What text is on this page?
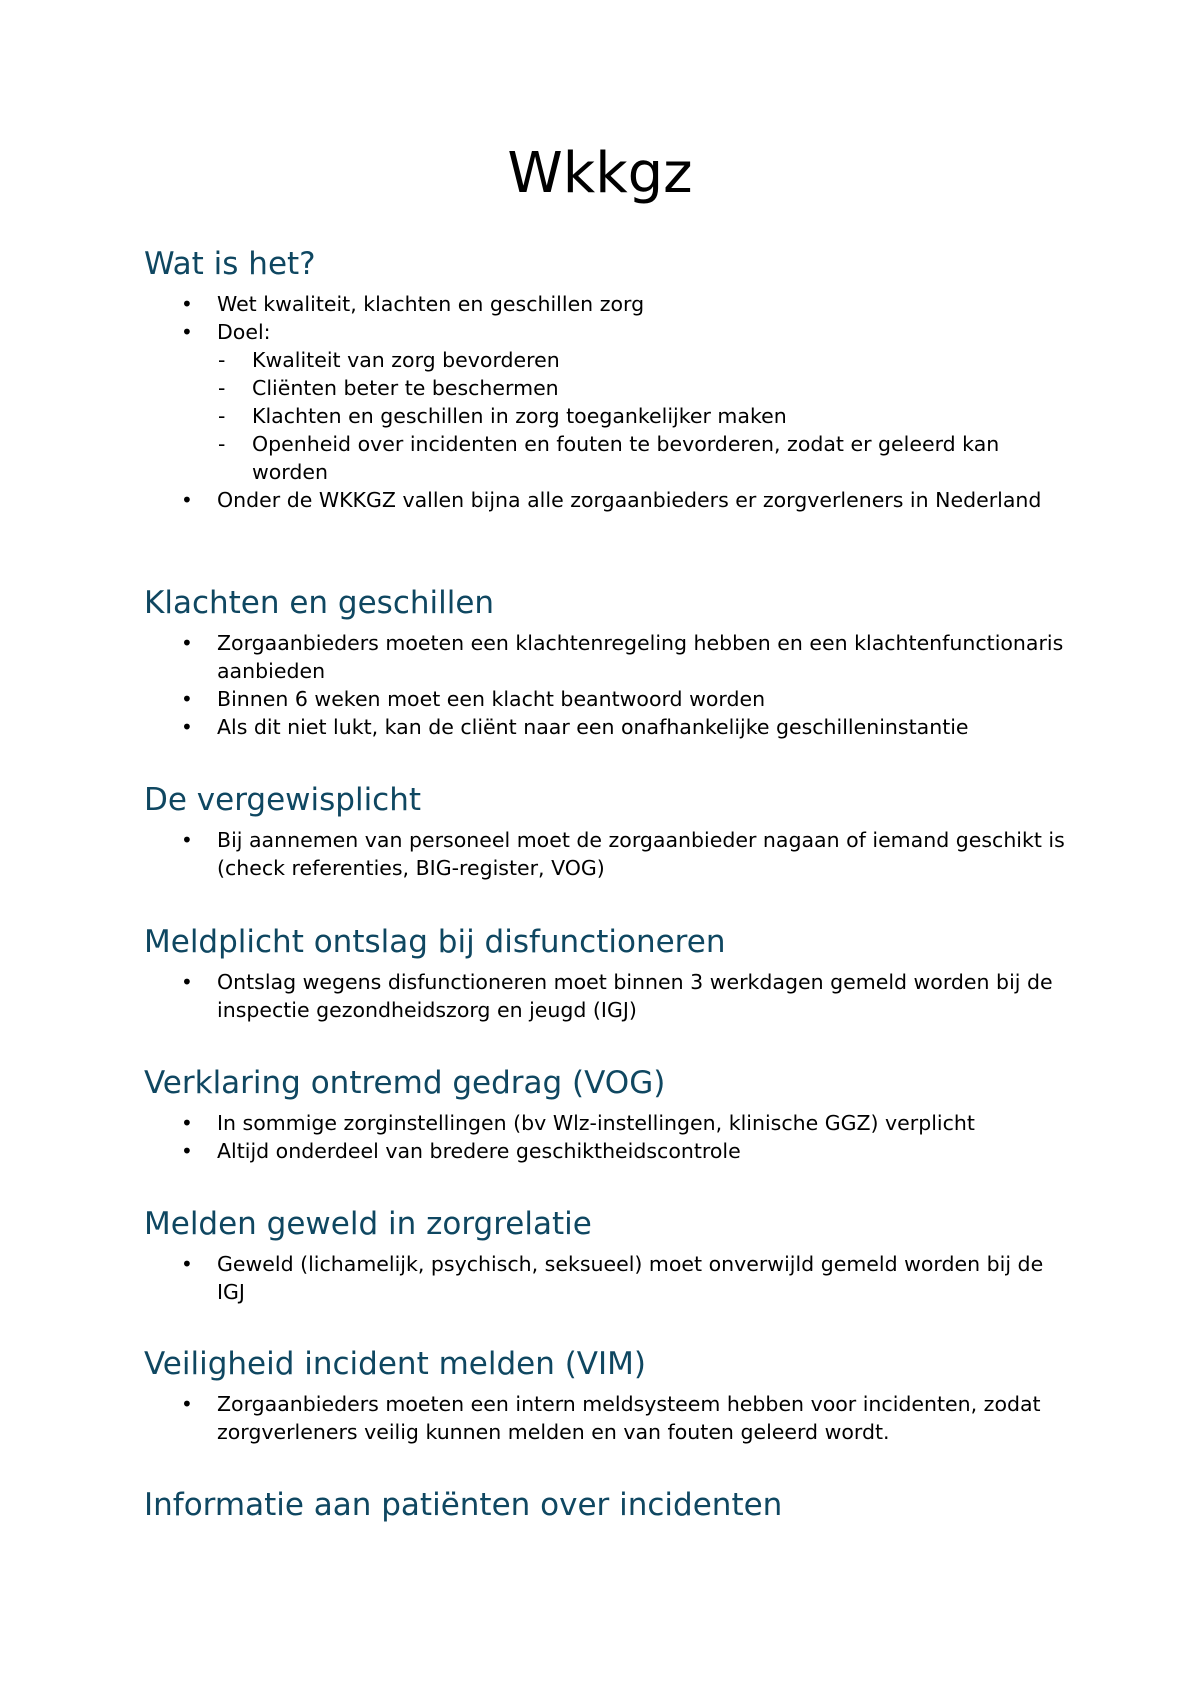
Wkkgz
Wat is het?
• Wet kwaliteit, klachten en geschillen zorg
• Doel:
- Kwaliteit van zorg bevorderen
- Cliënten beter te beschermen
- Klachten en geschillen in zorg toegankelijker maken
- Openheid over incidenten en fouten te bevorderen, zodat er geleerd kan worden
• Onder de WKKGZ vallen bijna alle zorgaanbieders er zorgverleners in Nederland
Klachten en geschillen
• Zorgaanbieders moeten een klachtenregeling hebben en een klachtenfunctionaris aanbieden
• Binnen 6 weken moet een klacht beantwoord worden
• Als dit niet lukt, kan de cliënt naar een onafhankelijke geschilleninstantie
De vergewisplicht
• Bij aannemen van personeel moet de zorgaanbieder nagaan of iemand geschikt is (check referenties, BIG-register, VOG)
Meldplicht ontslag bij disfunctioneren
• Ontslag wegens disfunctioneren moet binnen 3 werkdagen gemeld worden bij de inspectie gezondheidszorg en jeugd (IGJ)
Verklaring ontremd gedrag (VOG)
• In sommige zorginstellingen (bv Wlz-instellingen, klinische GGZ) verplicht
• Altijd onderdeel van bredere geschiktheidscontrole
Melden geweld in zorgrelatie
• Geweld (lichamelijk, psychisch, seksueel) moet onverwijld gemeld worden bij de IGJ
Veiligheid incident melden (VIM)
• Zorgaanbieders moeten een intern meldsysteem hebben voor incidenten, zodat zorgverleners veilig kunnen melden en van fouten geleerd wordt.
Informatie aan patiënten over incidenten
